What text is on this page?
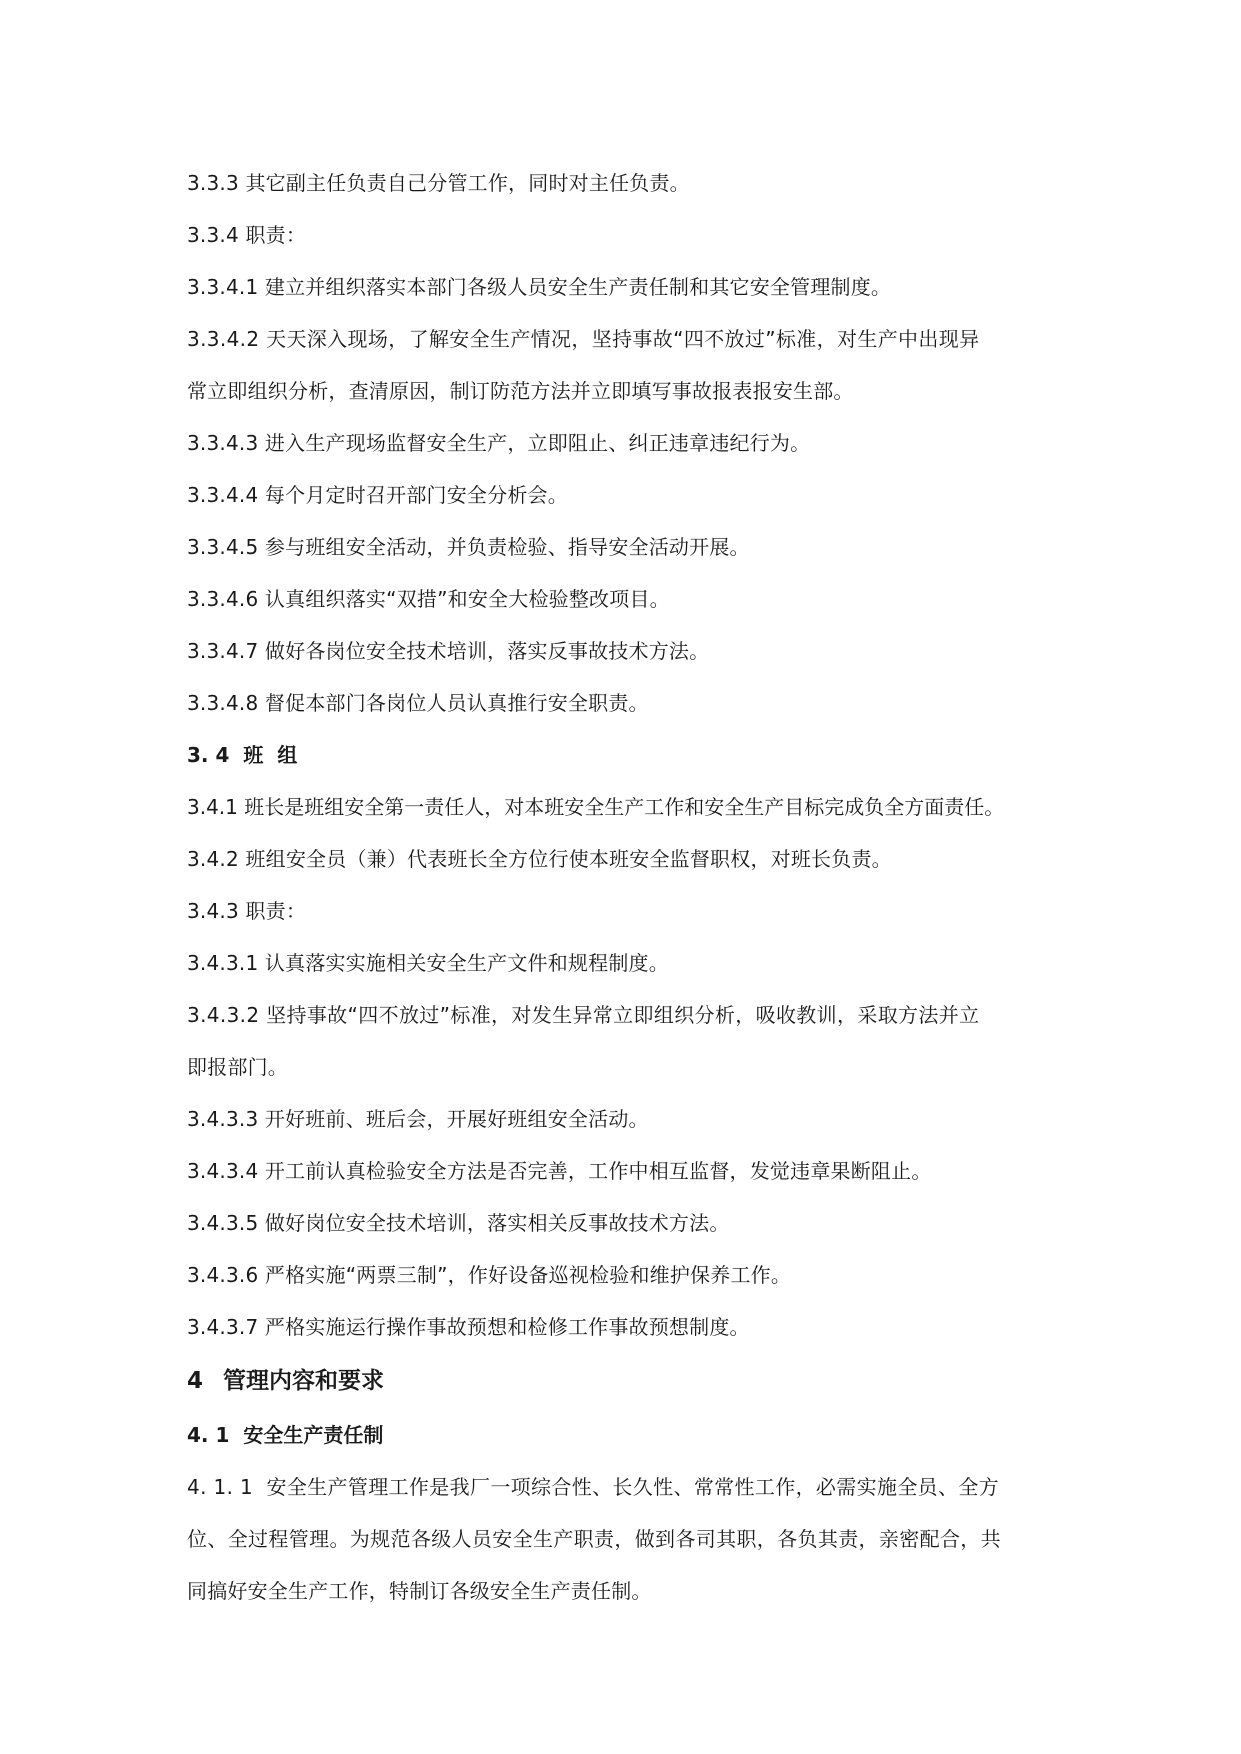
3.3.3 其它副主任负责自己分管工作，同时对主任负责。
3.3.4 职责：
3.3.4.1 建立并组织落实本部门各级人员安全生产责任制和其它安全管理制度。
3.3.4.2 天天深入现场，了解安全生产情况，坚持事故“四不放过”标准，对生产中出现异
常立即组织分析，查清原因，制订防范方法并立即填写事故报表报安生部。
3.3.4.3 进入生产现场监督安全生产，立即阻止、纠正违章违纪行为。
3.3.4.4 每个月定时召开部门安全分析会。
3.3.4.5 参与班组安全活动，并负责检验、指导安全活动开展。
3.3.4.6 认真组织落实“双措”和安全大检验整改项目。
3.3.4.7 做好各岗位安全技术培训，落实反事故技术方法。
3.3.4.8 督促本部门各岗位人员认真推行安全职责。
3. 4 班  组
3.4.1 班长是班组安全第一责任人，对本班安全生产工作和安全生产目标完成负全方面责任。
3.4.2 班组安全员（兼）代表班长全方位行使本班安全监督职权，对班长负责。
3.4.3 职责：
3.4.3.1 认真落实实施相关安全生产文件和规程制度。
3.4.3.2 坚持事故“四不放过”标准，对发生异常立即组织分析，吸收教训，采取方法并立
即报部门。
3.4.3.3 开好班前、班后会，开展好班组安全活动。
3.4.3.4 开工前认真检验安全方法是否完善，工作中相互监督，发觉违章果断阻止。
3.4.3.5 做好岗位安全技术培训，落实相关反事故技术方法。
3.4.3.6 严格实施“两票三制”，作好设备巡视检验和维护保养工作。
3.4.3.7 严格实施运行操作事故预想和检修工作事故预想制度。
4 管理内容和要求
4. 1 安全生产责任制
4. 1. 1  安全生产管理工作是我厂一项综合性、长久性、常常性工作，必需实施全员、全方
位、全过程管理。为规范各级人员安全生产职责，做到各司其职，各负其责，亲密配合，共
同搞好安全生产工作，特制订各级安全生产责任制。
